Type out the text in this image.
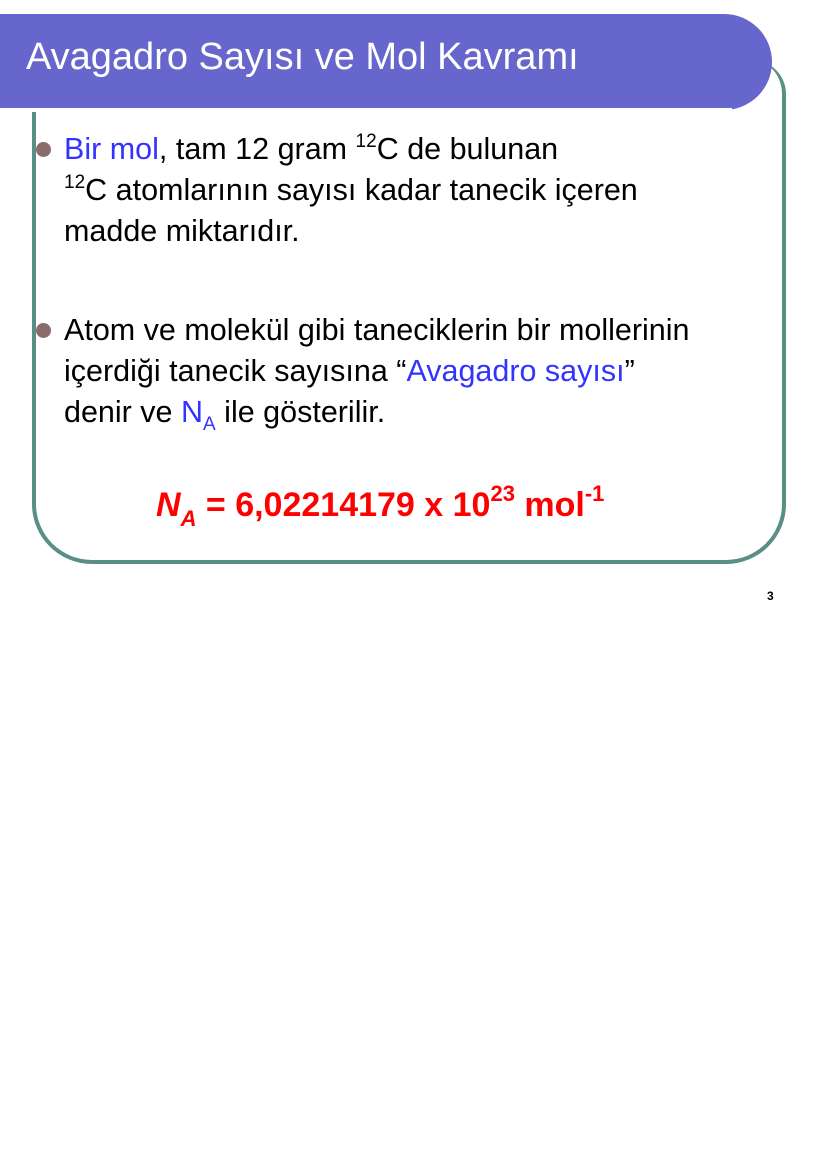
Avagadro Sayısı ve Mol Kavramı
Bir mol, tam 12 gram $^{12}$C de bulunan
$^{12}$C atomlarının sayısı kadar tanecik içeren
madde miktarıdır.
Atom ve molekül gibi taneciklerin bir mollerinin
içerdiği tanecik sayısına “Avagadro sayısı”
denir ve $N_A$ ile gösterilir.
$N_A = 6,02214179$ x $10^{23}$ mol$^{-1}$
3
